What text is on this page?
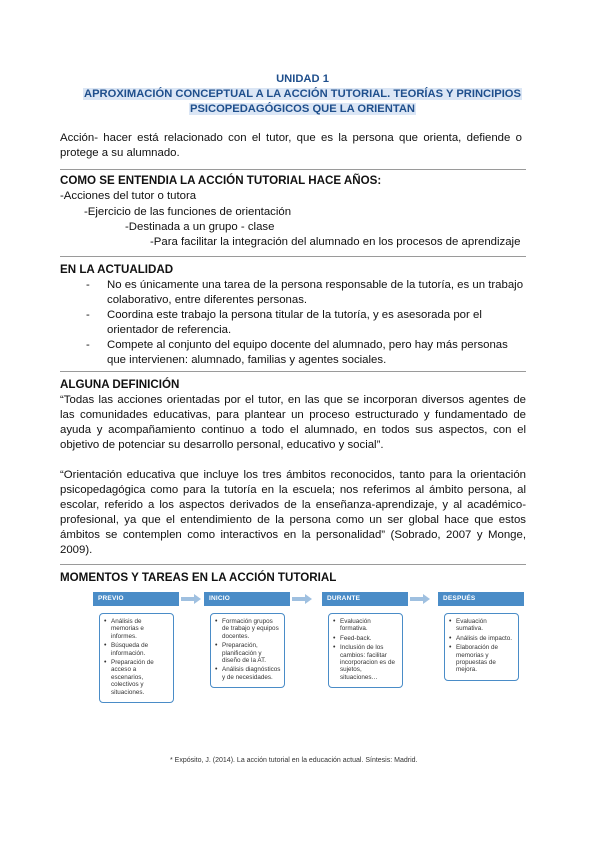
UNIDAD 1
APROXIMACIÓN CONCEPTUAL A LA ACCIÓN TUTORIAL. TEORÍAS Y PRINCIPIOS
PSICOPEDAGÓGICOS QUE LA ORIENTAN

Acción- hacer está relacionado con el tutor, que es la persona que orienta, defiende o protege a su alumnado.

COMO SE ENTENDIA LA ACCIÓN TUTORIAL HACE AÑOS:
-Acciones del tutor o tutora
-Ejercicio de las funciones de orientación
-Destinada a un grupo - clase
-Para facilitar la integración del alumnado en los procesos de aprendizaje
EN LA ACTUALIDAD
- No es únicamente una tarea de la persona responsable de la tutoría, es un trabajo colaborativo, entre diferentes personas.
- Coordina este trabajo la persona titular de la tutoría, y es asesorada por el orientador de referencia.
- Compete al conjunto del equipo docente del alumnado, pero hay más personas que intervienen: alumnado, familias y agentes sociales.
ALGUNA DEFINICIÓN

“Todas las acciones orientadas por el tutor, en las que se incorporan diversos agentes de las comunidades educativas, para plantear un proceso estructurado y fundamentado de ayuda y acompañamiento continuo a todo el alumnado, en todos sus aspectos, con el objetivo de potenciar su desarrollo personal, educativo y social”.

“Orientación educativa que incluye los tres ámbitos reconocidos, tanto para la orientación psicopedagógica como para la tutoría en la escuela; nos referimos al ámbito persona, al escolar, referido a los aspectos derivados de la enseñanza-aprendizaje, y al académico-profesional, ya que el entendimiento de la persona como un ser global hace que estos ámbitos se contemplen como interactivos en la personalidad” (Sobrado, 2007 y Monge, 2009).

MOMENTOS Y TAREAS EN LA ACCIÓN TUTORIAL
PREVIO
• Análisis de memorias e informes.
• Búsqueda de información.
• Preparación de acceso a escenarios, colectivos y situaciones.
INICIO
• Formación grupos de trabajo y equipos docentes.
• Preparación, planificación y diseño de la AT.
• Análisis diagnósticos y de necesidades.
DURANTE
• Evaluación formativa.
• Feed-back.
• Inclusión de los cambios: facilitar incorporacion es de sujetos, situaciones…
DESPUÉS
• Evaluación sumativa.
• Análisis de impacto.
• Elaboración de memorias y propuestas de mejora.
* Expósito, J. (2014). La acción tutorial en la educación actual. Síntesis: Madrid.
